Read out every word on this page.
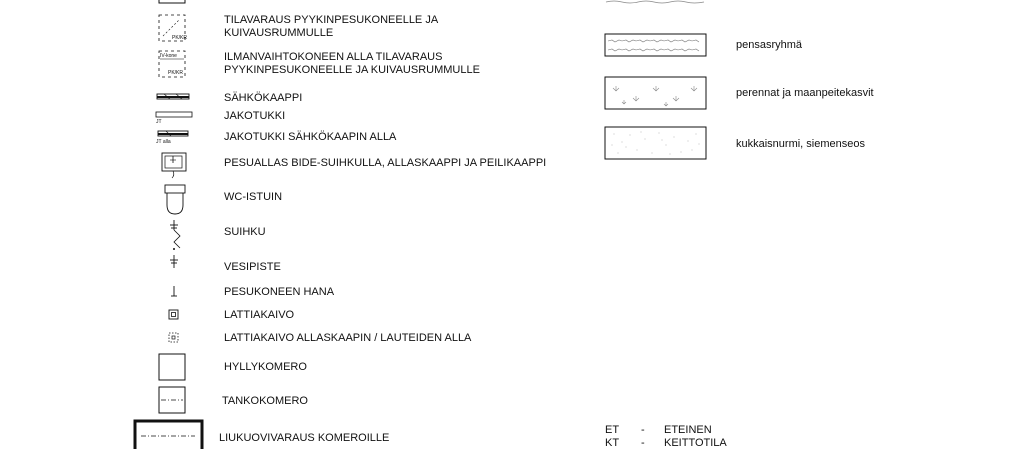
PK/KR
TILAVARAUS PYYKINPESUKONEELLE JA
KUIVAUSRUMMULLE
IV-kone
PK/KR
ILMANVAIHTOKONEEN ALLA TILAVARAUS
PYYKINPESUKONEELLE JA KUIVAUSRUMMULLE
SÄHKÖKAAPPI
JT	JAKOTUKKI
JT alla	JAKOTUKKI SÄHKÖKAAPIN ALLA
PESUALLAS BIDE-SUIHKULLA, ALLASKAAPPI JA PEILIKAAPPI
WC-ISTUIN
SUIHKU
VESIPISTE
PESUKONEEN HANA
LATTIAKAIVO
LATTIAKAIVO ALLASKAAPIN / LAUTEIDEN ALLA
HYLLYKOMERO
TANKOKOMERO
LIUKUOVIVARAUS KOMEROILLE
pensasryhmä
perennat ja maanpeitekasvit
kukkaisnurmi, siemenseos
ET - ETEINEN
KT - KEITTOTILA
